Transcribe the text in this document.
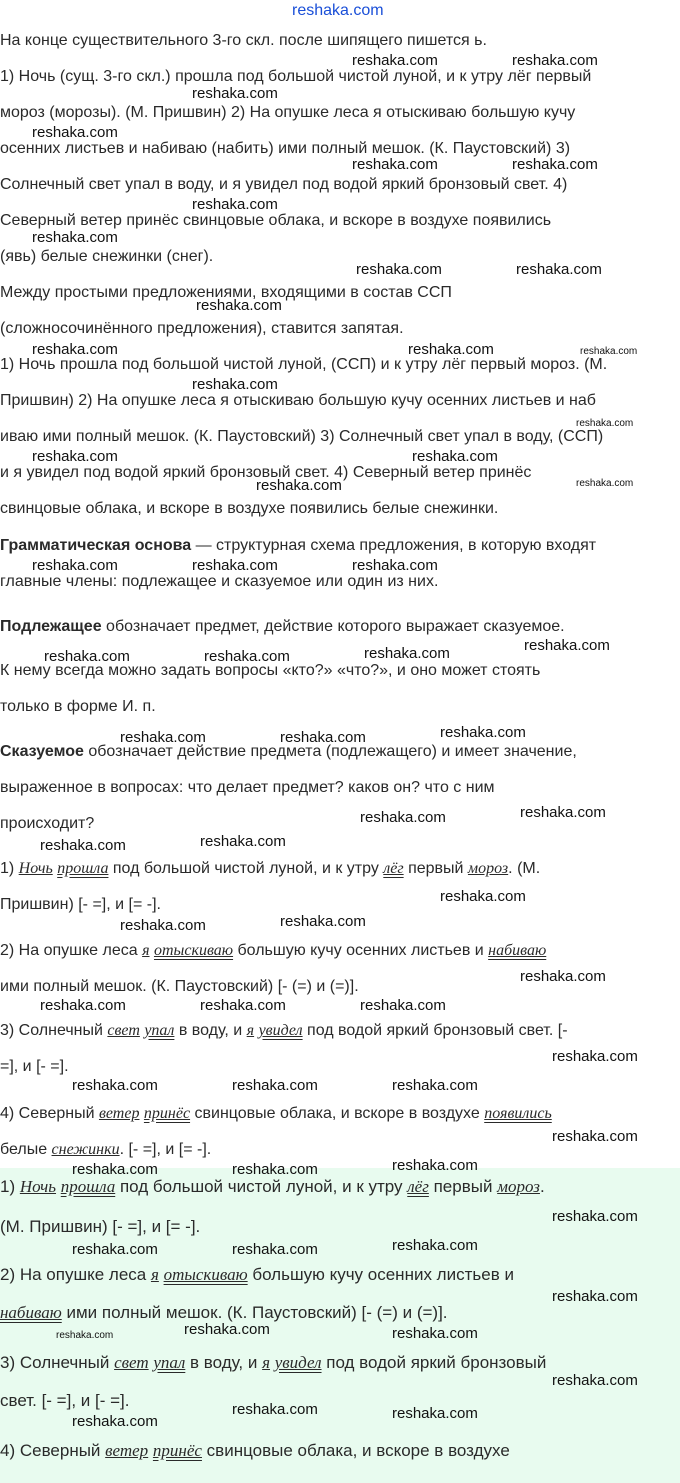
reshaka.com
reshaka.com	reshaka.com
reshaka.com
reshaka.com
reshaka.com	reshaka.com
reshaka.com
reshaka.com
reshaka.com	reshaka.com
reshaka.com
reshaka.com	reshaka.com	reshaka.com
reshaka.com
reshaka.com
reshaka.com	reshaka.com
reshaka.com
reshaka.com
reshaka.com	reshaka.com	reshaka.com
reshaka.com
reshaka.com	reshaka.com	reshaka.com
reshaka.com
reshaka.com	reshaka.com
reshaka.com
reshaka.com
reshaka.com	reshaka.com
reshaka.com
reshaka.com	reshaka.com
reshaka.com
reshaka.com	reshaka.com	reshaka.com
reshaka.com
reshaka.com	reshaka.com	reshaka.com
reshaka.com
reshaka.com
reshaka.com	reshaka.com
reshaka.com
reshaka.com
reshaka.com	reshaka.com
reshaka.com
reshaka.com	reshaka.com	reshaka.com
reshaka.com
reshaka.com	reshaka.com
reshaka.com
На конце существительного 3-го скл. после шипящего пишется ь.
1) Ночь (сущ. 3-го скл.) прошла под большой чистой луной, и к утру лёг первый
мороз (морозы). (М. Пришвин) 2) На опушке леса я отыскиваю большую кучу
осенних листьев и набиваю (набить) ими полный мешок. (К. Паустовский) 3)
Солнечный свет упал в воду, и я увидел под водой яркий бронзовый свет. 4)
Северный ветер принёс свинцовые облака, и вскоре в воздухе появились
(явь) белые снежинки (снег).
Между простыми предложениями, входящими в состав ССП
(сложносочинённого предложения), ставится запятая.
1) Ночь прошла под большой чистой луной, (ССП) и к утру лёг первый мороз. (М.
Пришвин) 2) На опушке леса я отыскиваю большую кучу осенних листьев и наб
иваю ими полный мешок. (К. Паустовский) 3) Солнечный свет упал в воду, (ССП)
и я увидел под водой яркий бронзовый свет. 4) Северный ветер принёс
свинцовые облака, и вскоре в воздухе появились белые снежинки.
Грамматическая основа — структурная схема предложения, в которую входят
главные члены: подлежащее и сказуемое или один из них.
Подлежащее обозначает предмет, действие которого выражает сказуемое.
К нему всегда можно задать вопросы «кто?» «что?», и оно может стоять
только в форме И. п.
Сказуемое обозначает действие предмета (подлежащего) и имеет значение,
выраженное в вопросах: что делает предмет? каков он? что с ним
происходит?
1) Ночь прошла под большой чистой луной, и к утру лёг первый мороз. (М.
Пришвин) [- =], и [= -].
2) На опушке леса я отыскиваю большую кучу осенних листьев и набиваю
ими полный мешок. (К. Паустовский) [- (=) и (=)].
3) Солнечный свет упал в воду, и я увидел под водой яркий бронзовый свет. [-
=], и [- =].
4) Северный ветер принёс свинцовые облака, и вскоре в воздухе появились
белые снежинки. [- =], и [= -].
1) Ночь прошла под большой чистой луной, и к утру лёг первый мороз.
(М. Пришвин) [- =], и [= -].
2) На опушке леса я отыскиваю большую кучу осенних листьев и
набиваю ими полный мешок. (К. Паустовский) [- (=) и (=)].
3) Солнечный свет упал в воду, и я увидел под водой яркий бронзовый
свет. [- =], и [- =].
4) Северный ветер принёс свинцовые облака, и вскоре в воздухе
